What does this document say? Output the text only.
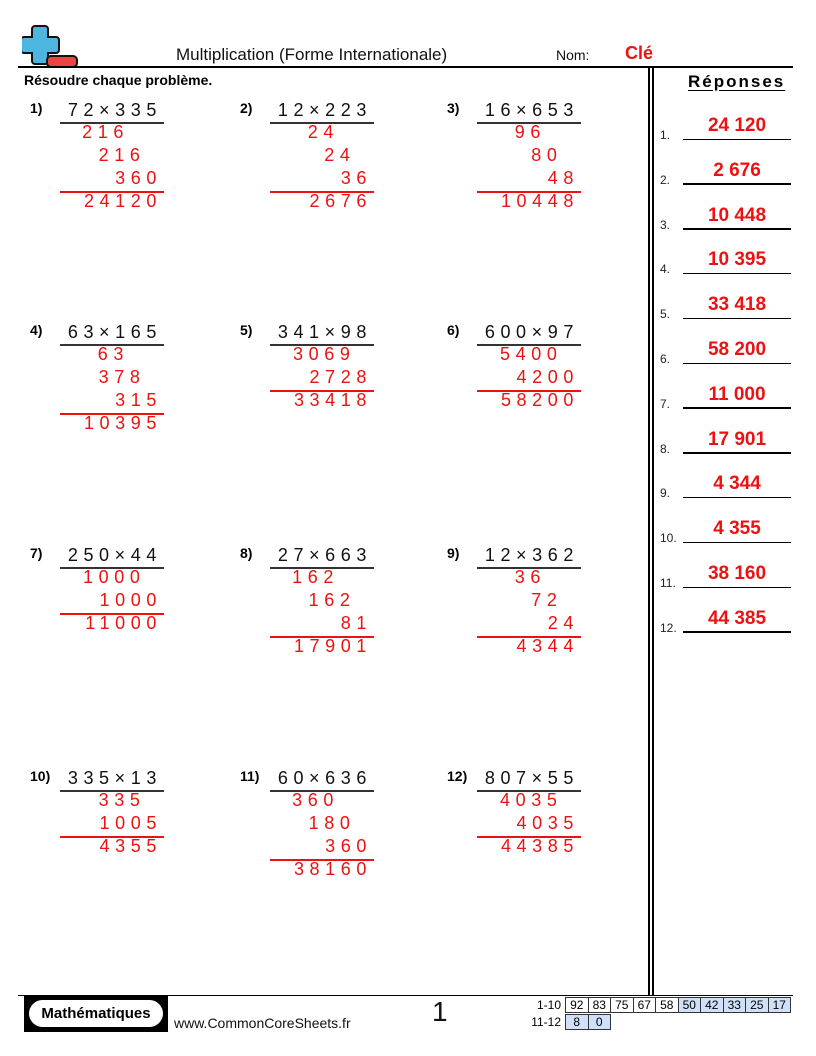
Multiplication (Forme Internationale)	Nom: Clé
Résoudre chaque problème.	Réponses
1) 72×335
216
216
360
24120
2) 12×223
24
24
36
2676
3) 16×653
96
80
48
10448
4) 63×165
63
378
315
10395
5) 341×98
3069
2728
33418
6) 600×97
5400
4200
58200
7) 250×44
1000
1000
11000
8) 27×663
162
162
81
17901
9) 12×362
36
72
24
4344
10) 335×13
335
1005
4355
11) 60×636
360
180
360
38160
12) 807×55
4035
4035
44385
1.	24 120
2.	2 676
3.	10 448
4.	10 395
5.	33 418
6.	58 200
7.	11 000
8.	17 901
9.	4 344
10.	4 355
11.	38 160
12.	44 385
Mathématiques
www.CommonCoreSheets.fr	1	1-10 92 83 75 67 58 50 42 33 25 17
11-12	8	0
